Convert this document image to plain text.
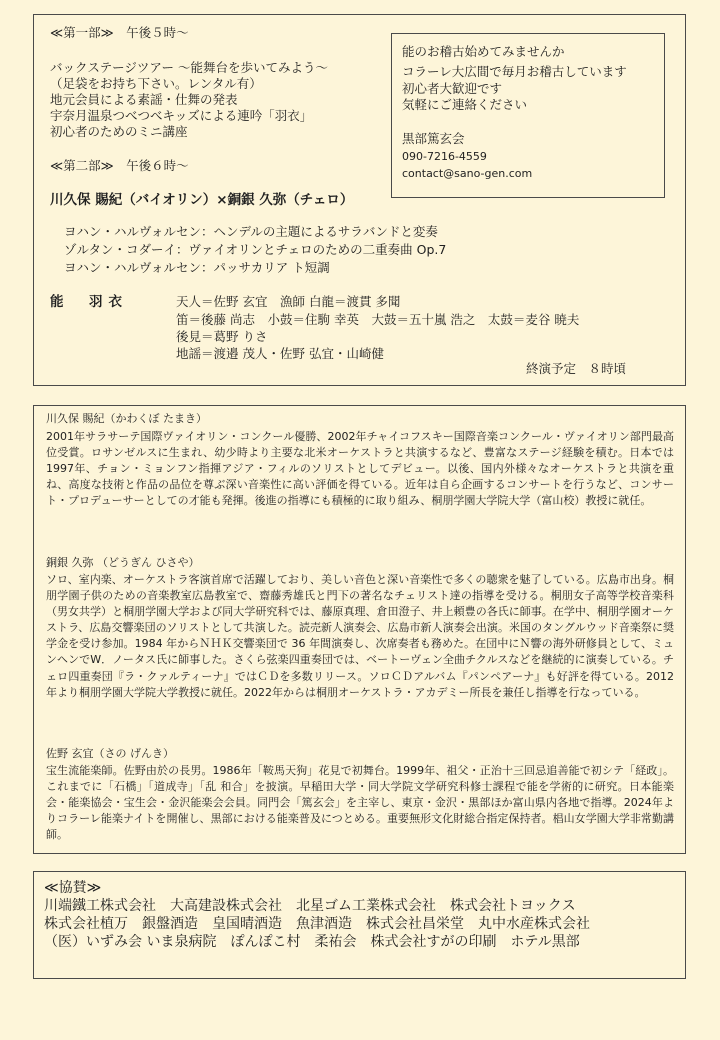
≪第一部≫　午後５時〜
バックステージツアー 〜能舞台を歩いてみよう〜
（足袋をお持ち下さい。レンタル有）
地元会員による素謡・仕舞の発表
宇奈月温泉つべつべキッズによる連吟「羽衣」
初心者のためのミニ講座
≪第二部≫　午後６時〜
川久保 賜紀（バイオリン）×銅銀 久弥（チェロ）
ヨハン・ハルヴォルセン：ヘンデルの主題によるサラバンドと変奏
ゾルタン・コダーイ：ヴァイオリンとチェロのための二重奏曲 Op.7
ヨハン・ハルヴォルセン：パッサカリア ト短調
能　羽衣	天人＝佐野 玄宜　漁師 白龍＝渡貫 多聞
笛＝後藤 尚志　小鼓＝住駒 幸英　大鼓＝五十嵐 浩之　太鼓＝麦谷 暁夫
後見＝葛野 りさ
地謡＝渡邉 茂人・佐野 弘宜・山崎健
終演予定　８時頃
能のお稽古始めてみませんか
コラーレ大広間で毎月お稽古しています
初心者大歓迎です
気軽にご連絡ください
黒部篤玄会
090-7216-4559
contact@sano-gen.com

川久保 賜紀（かわくぼ たまき）

2001年サラサーテ国際ヴァイオリン・コンクール優勝、2002年チャイコフスキー国際音楽コンクール・ヴァイオリン部門最高位受賞。ロサンゼルスに生まれ、幼少時より主要な北米オーケストラと共演するなど、豊富なステージ経験を積む。日本では1997年、チョン・ミョンフン指揮アジア・フィルのソリストとしてデビュー。以後、国内外様々なオーケストラと共演を重ね、高度な技術と作品の品位を尊ぶ深い音楽性に高い評価を得ている。近年は自ら企画するコンサートを行うなど、コンサート・プロデューサーとしての才能も発揮。後進の指導にも積極的に取り組み、桐朋学園大学院大学（富山校）教授に就任。

銅銀 久弥 （どうぎん ひさや）

ソロ、室内楽、オーケストラ客演首席で活躍しており、美しい音色と深い音楽性で多くの聴衆を魅了している。広島市出身。桐朋学園子供のための音楽教室広島教室で、齋藤秀雄氏と門下の著名なチェリスト達の指導を受ける。桐朋女子高等学校音楽科（男女共学）と桐朋学園大学および同大学研究科では、藤原真理、倉田澄子、井上頼豊の各氏に師事。在学中、桐朋学園オーケストラ、広島交響楽団のソリストとして共演した。読売新人演奏会、広島市新人演奏会出演。米国のタングルウッド音楽祭に奨学金を受け参加。1984 年からＮＨＫ交響楽団で 36 年間演奏し、次席奏者も務めた。在団中にＮ響の海外研修員として、ミュンヘンでW．ノータス氏に師事した。さくら弦楽四重奏団では、ベートーヴェン全曲チクルスなどを継続的に演奏している。チェロ四重奏団『ラ・クァルティーナ』ではＣＤを多数リリース。ソロＣＤアルバム『パンペアーナ』も好評を得ている。2012年より桐朋学園大学院大学教授に就任。2022年からは桐朋オーケストラ・アカデミー所長を兼任し指導を行なっている。

佐野 玄宜（さの げんき）

宝生流能楽師。佐野由於の長男。1986年「鞍馬天狗」花見で初舞台。1999年、祖父・正治十三回忌追善能で初シテ「経政」。これまでに「石橋」「道成寺」「乱 和合」を披演。早稲田大学・同大学院文学研究科修士課程で能を学術的に研究。日本能楽会・能楽協会・宝生会・金沢能楽会会員。同門会「篤玄会」を主宰し、東京・金沢・黒部ほか富山県内各地で指導。2024年よりコラーレ能楽ナイトを開催し、黒部における能楽普及につとめる。重要無形文化財総合指定保持者。椙山女学園大学非常勤講師。

≪協賛≫
川端鐵工株式会社　大高建設株式会社　北星ゴム工業株式会社　株式会社トヨックス
株式会社植万　銀盤酒造　皇国晴酒造　魚津酒造　株式会社昌栄堂　丸中水産株式会社
（医）いずみ会 いま泉病院　ぽんぽこ村　柔祐会　株式会社すがの印刷　ホテル黒部
